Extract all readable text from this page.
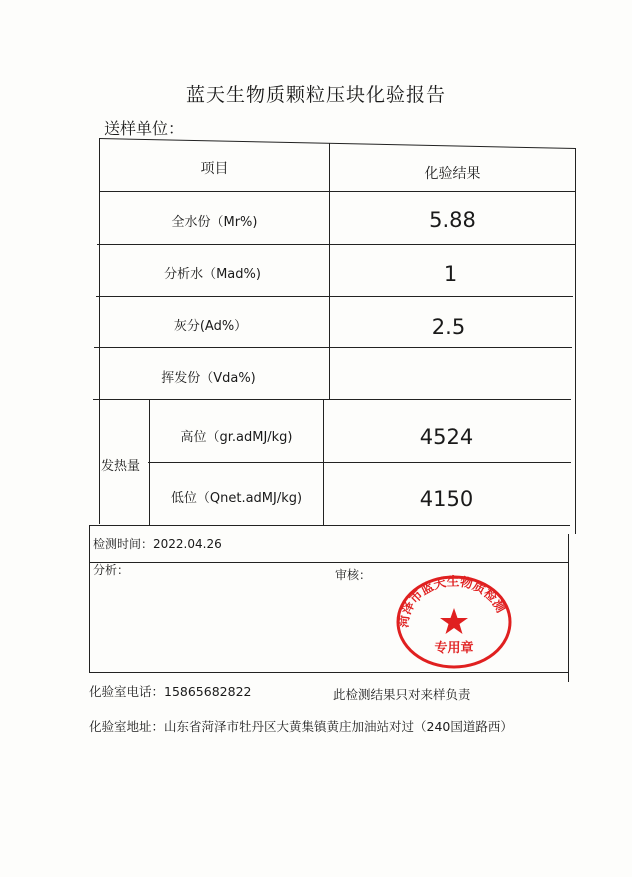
蓝天生物质颗粒压块化验报告
送样单位：
项目	化验结果
全水份（Mr%)	5.88
分析水（Mad%)	1
灰分(Ad%）	2.5
挥发份（Vda%)
发热量
高位（gr.adMJ/kg)	4524
低位（Qnet.adMJ/kg)	4150
检测时间：2022.04.26
分析：	审核：
菏泽市蓝天生物质检测
专用章
化验室电话：15865682822	此检测结果只对来样负责
化验室地址：山东省菏泽市牡丹区大黄集镇黄庄加油站对过（240国道路西）
